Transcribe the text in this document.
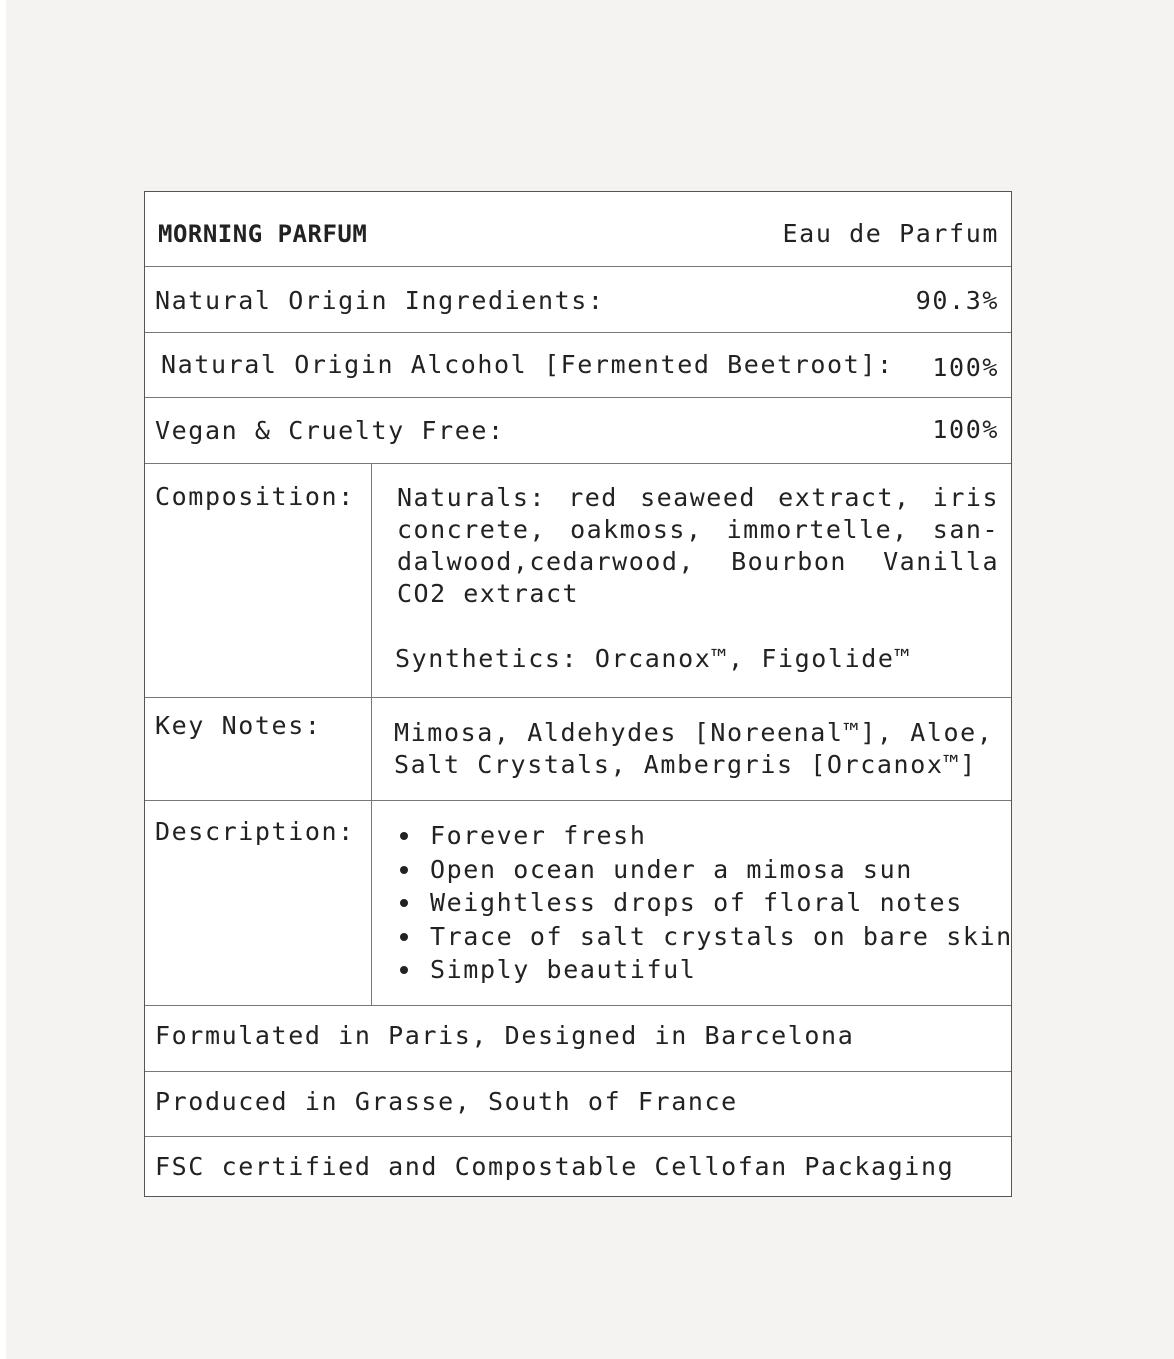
MORNING PARFUM	Eau de Parfum
Natural Origin Ingredients:	90.3%
Natural Origin Alcohol [Fermented Beetroot]: 100%
Vegan & Cruelty Free:	100%
Composition: Naturals: red seaweed extract, iris concrete, oakmoss, immortelle, san-dalwood,cedarwood, Bourbon Vanilla CO2 extract
Synthetics: Orcanox™, Figolide™
Key Notes:	Mimosa, Aldehydes [Noreenal™], Aloe,
Salt Crystals, Ambergris [Orcanox™]
Description:	Forever fresh
Open ocean under a mimosa sun
Weightless drops of floral notes
Trace of salt crystals on bare skin
Simply beautiful
Formulated in Paris, Designed in Barcelona
Produced in Grasse, South of France
FSC certified and Compostable Cellofan Packaging
